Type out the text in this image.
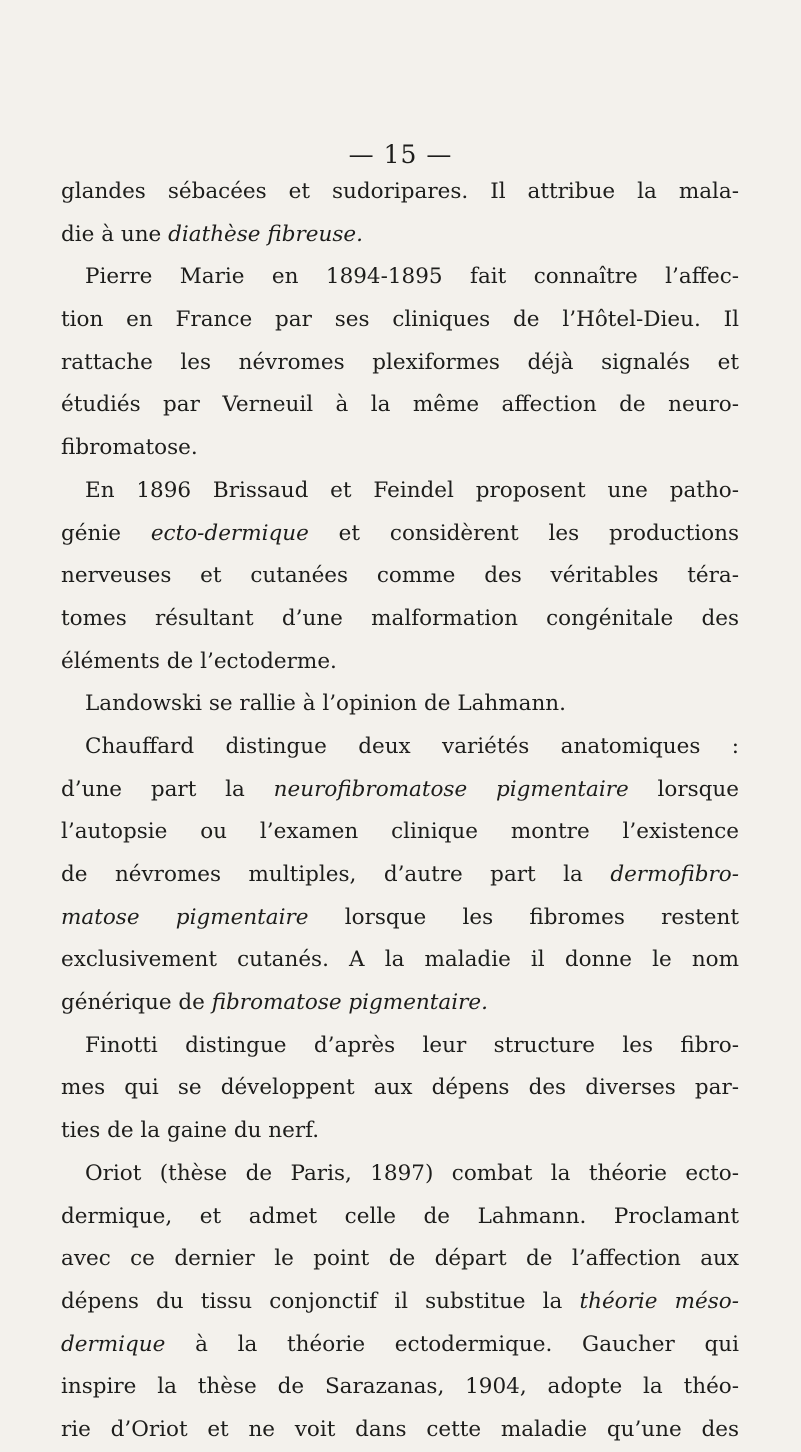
— 15 —
glandes sébacées et sudoripares. Il attribue la mala-
die à une diathèse fibreuse.
Pierre Marie en 1894-1895 fait connaître l’affec-
tion en France par ses cliniques de l’Hôtel-Dieu. Il
rattache les névromes plexiformes déjà signalés et
étudiés par Verneuil à la même affection de neuro-
fibromatose.
En 1896 Brissaud et Feindel proposent une patho-
génie ecto-dermique et considèrent les productions
nerveuses et cutanées comme des véritables téra-
tomes résultant d’une malformation congénitale des
éléments de l’ectoderme.
Landowski se rallie à l’opinion de Lahmann.
Chauffard distingue deux variétés anatomiques :
d’une part la neurofibromatose pigmentaire lorsque
l’autopsie ou l’examen clinique montre l’existence
de névromes multiples, d’autre part la dermofibro-
matose pigmentaire lorsque les fibromes restent
exclusivement cutanés. A la maladie il donne le nom
générique de fibromatose pigmentaire.
Finotti distingue d’après leur structure les fibro-
mes qui se développent aux dépens des diverses par-
ties de la gaine du nerf.
Oriot (thèse de Paris, 1897) combat la théorie ecto-
dermique, et admet celle de Lahmann. Proclamant
avec ce dernier le point de départ de l’affection aux
dépens du tissu conjonctif il substitue la théorie méso-
dermique à la théorie ectodermique. Gaucher qui
inspire la thèse de Sarazanas, 1904, adopte la théo-
rie d’Oriot et ne voit dans cette maladie qu’une des
